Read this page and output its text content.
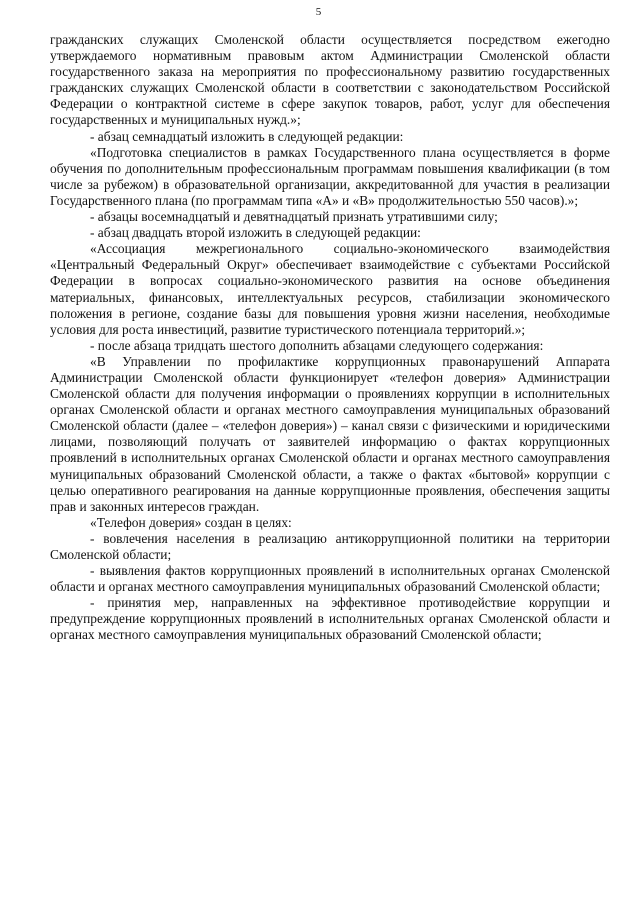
5

гражданских служащих Смоленской области осуществляется посредством ежегодно утверждаемого нормативным правовым актом Администрации Смоленской области государственного заказа на мероприятия по профессиональному развитию государственных гражданских служащих Смоленской области в соответствии с законодательством Российской Федерации о контрактной системе в сфере закупок товаров, работ, услуг для обеспечения государственных и муниципальных нужд.»;

- абзац семнадцатый изложить в следующей редакции:

«Подготовка специалистов в рамках Государственного плана осуществляется в форме обучения по дополнительным профессиональным программам повышения квалификации (в том числе за рубежом) в образовательной организации, аккредитованной для участия в реализации Государственного плана (по программам типа «А» и «В» продолжительностью 550 часов).»;

- абзацы восемнадцатый и девятнадцатый признать утратившими силу;

- абзац двадцать второй изложить в следующей редакции:

«Ассоциация межрегионального социально-экономического взаимодействия «Центральный Федеральный Округ» обеспечивает взаимодействие с субъектами Российской Федерации в вопросах социально-экономического развития на основе объединения материальных, финансовых, интеллектуальных ресурсов, стабилизации экономического положения в регионе, создание базы для повышения уровня жизни населения, необходимые условия для роста инвестиций, развитие туристического потенциала территорий.»;

- после абзаца тридцать шестого дополнить абзацами следующего содержания:

«В Управлении по профилактике коррупционных правонарушений Аппарата Администрации Смоленской области функционирует «телефон доверия» Администрации Смоленской области для получения информации о проявлениях коррупции в исполнительных органах Смоленской области и органах местного самоуправления муниципальных образований Смоленской области (далее – «телефон доверия») – канал связи с физическими и юридическими лицами, позволяющий получать от заявителей информацию о фактах коррупционных проявлений в исполнительных органах Смоленской области и органах местного самоуправления муниципальных образований Смоленской области, а также о фактах «бытовой» коррупции с целью оперативного реагирования на данные коррупционные проявления, обеспечения защиты прав и законных интересов граждан.

«Телефон доверия» создан в целях:

- вовлечения населения в реализацию антикоррупционной политики на территории Смоленской области;

- выявления фактов коррупционных проявлений в исполнительных органах Смоленской области и органах местного самоуправления муниципальных образований Смоленской области;

- принятия мер, направленных на эффективное противодействие коррупции и предупреждение коррупционных проявлений в исполнительных органах Смоленской области и органах местного самоуправления муниципальных образований Смоленской области;
